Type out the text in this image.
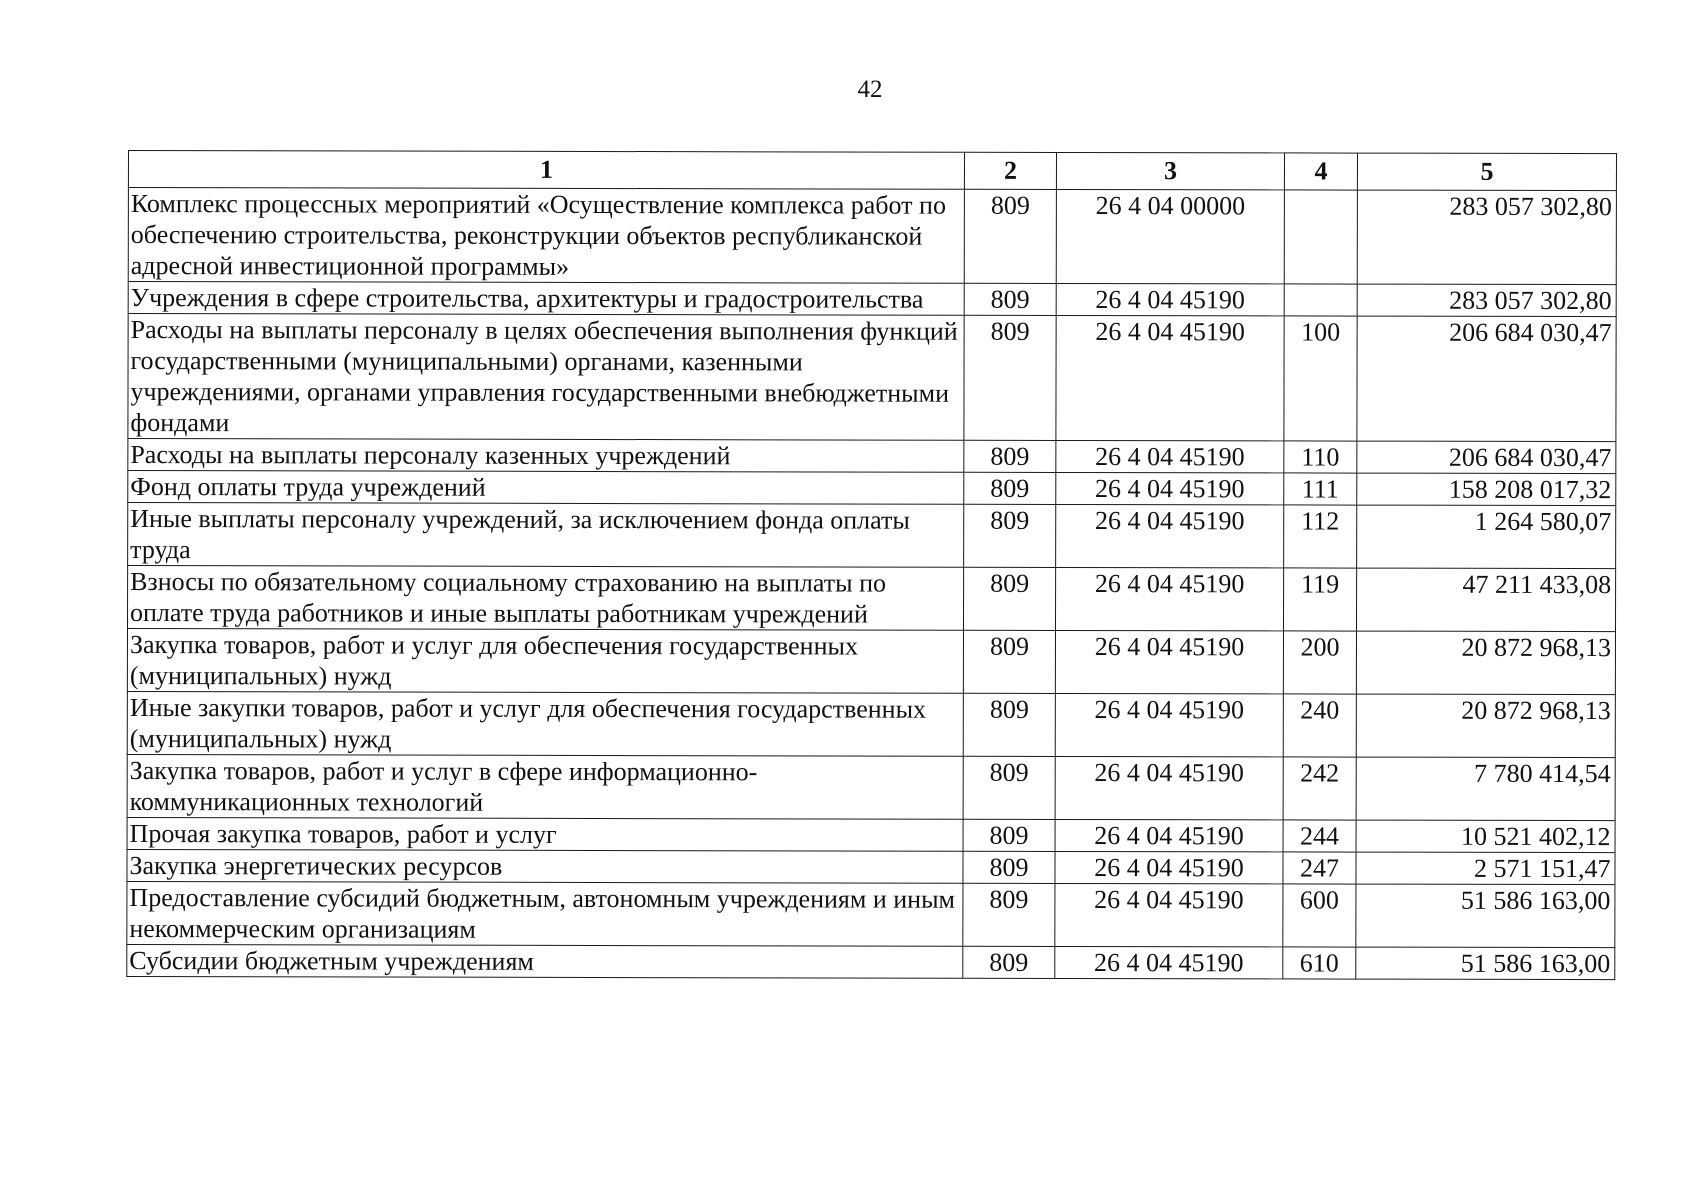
42
1	2	3	4	5
Комплекс процессных мероприятий «Осуществление комплекса работ по обеспечению строительства, реконструкции объектов республиканской адресной инвестиционной программы»	809	26 4 04 00000		283 057 302,80
Учреждения в сфере строительства, архитектуры и градостроительства	809	26 4 04 45190		283 057 302,80
Расходы на выплаты персоналу в целях обеспечения выполнения функций государственными (муниципальными) органами, казенными учреждениями, органами управления государственными внебюджетными фондами	809	26 4 04 45190	100	206 684 030,47
Расходы на выплаты персоналу казенных учреждений	809	26 4 04 45190	110	206 684 030,47
Фонд оплаты труда учреждений	809	26 4 04 45190	111	158 208 017,32
Иные выплаты персоналу учреждений, за исключением фонда оплаты труда	809	26 4 04 45190	112	1 264 580,07
Взносы по обязательному социальному страхованию на выплаты по оплате труда работников и иные выплаты работникам учреждений	809	26 4 04 45190	119	47 211 433,08
Закупка товаров, работ и услуг для обеспечения государственных (муниципальных) нужд	809	26 4 04 45190	200	20 872 968,13
Иные закупки товаров, работ и услуг для обеспечения государственных (муниципальных) нужд	809	26 4 04 45190	240	20 872 968,13
Закупка товаров, работ и услуг в сфере информационно-коммуникационных технологий	809	26 4 04 45190	242	7 780 414,54
Прочая закупка товаров, работ и услуг	809	26 4 04 45190	244	10 521 402,12
Закупка энергетических ресурсов	809	26 4 04 45190	247	2 571 151,47
Предоставление субсидий бюджетным, автономным учреждениям и иным некоммерческим организациям	809	26 4 04 45190	600	51 586 163,00
Субсидии бюджетным учреждениям	809	26 4 04 45190	610	51 586 163,00
